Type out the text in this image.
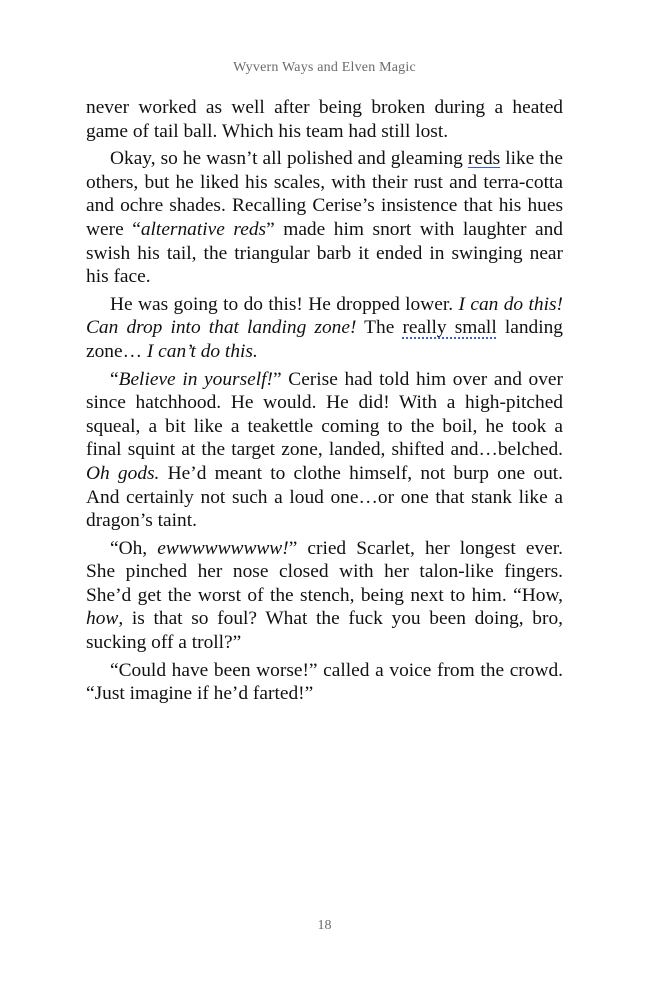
Wyvern Ways and Elven Magic

never worked as well after being broken during a heated game of tail ball. Which his team had still lost.

Okay, so he wasn’t all polished and gleaming reds like the others, but he liked his scales, with their rust and terra-cotta and ochre shades. Recalling Cerise’s insistence that his hues were “alternative reds” made him snort with laughter and swish his tail, the triangular barb it ended in swinging near his face.

He was going to do this! He dropped lower. I can do this! Can drop into that landing zone! The really small landing zone… I can’t do this.

“Believe in yourself!” Cerise had told him over and over since hatchhood. He would. He did! With a high-pitched squeal, a bit like a teakettle coming to the boil, he took a final squint at the target zone, landed, shifted and…belched. Oh gods. He’d meant to clothe himself, not burp one out. And certainly not such a loud one…or one that stank like a dragon’s taint.

“Oh, ewwwwwwwww!” cried Scarlet, her longest ever. She pinched her nose closed with her talon-like fingers. She’d get the worst of the stench, being next to him. “How, how, is that so foul? What the fuck you been doing, bro, sucking off a troll?”

“Could have been worse!” called a voice from the crowd. “Just imagine if he’d farted!”

18
